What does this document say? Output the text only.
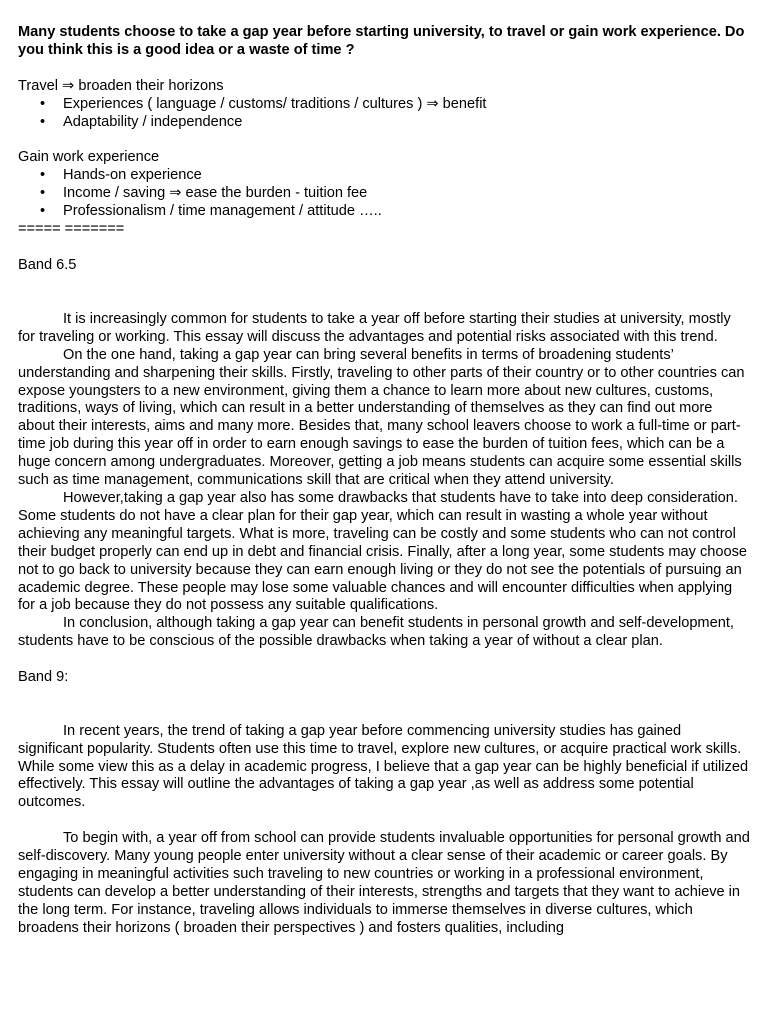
Many students choose to take a gap year before starting university, to travel or gain work experience. Do you think this is a good idea or a waste of time ?

Travel ⇒ broaden their horizons

• Experiences ( language / customs/ traditions / cultures ) ⇒ benefit
• Adaptability / independence

Gain work experience

• Hands-on experience
• Income / saving ⇒ ease the burden - tuition fee
• Professionalism / time management / attitude …..

===== =======

Band 6.5

It is increasingly common for students to take a year off before starting their studies at university, mostly for traveling or working. This essay will discuss the advantages and potential risks associated with this trend.

On the one hand, taking a gap year can bring several benefits in terms of broadening students’ understanding and sharpening their skills. Firstly, traveling to other parts of their country or to other countries can expose youngsters to a new environment, giving them a chance to learn more about new cultures, customs, traditions, ways of living, which can result in a better understanding of themselves as they can find out more about their interests, aims and many more. Besides that, many school leavers choose to work a full-time or part-time job during this year off in order to earn enough savings to ease the burden of tuition fees, which can be a huge concern among undergraduates. Moreover, getting a job means students can acquire some essential skills such as time management, communications skill that are critical when they attend university.

However,taking a gap year also has some drawbacks that students have to take into deep consideration. Some students do not have a clear plan for their gap year, which can result in wasting a whole year without achieving any meaningful targets. What is more, traveling can be costly and some students who can not control their budget properly can end up in debt and financial crisis. Finally, after a long year, some students may choose not to go back to university because they can earn enough living or they do not see the potentials of pursuing an academic degree. These people may lose some valuable chances and will encounter difficulties when applying for a job because they do not possess any suitable qualifications.

In conclusion, although taking a gap year can benefit students in personal growth and self-development, students have to be conscious of the possible drawbacks when taking a year of without a clear plan.

Band 9:

In recent years, the trend of taking a gap year before commencing university studies has gained significant popularity. Students often use this time to travel, explore new cultures, or acquire practical work skills. While some view this as a delay in academic progress, I believe that a gap year can be highly beneficial if utilized effectively. This essay will outline the advantages of taking a gap year ,as well as address some potential outcomes.

To begin with, a year off from school can provide students invaluable opportunities for personal growth and self-discovery. Many young people enter university without a clear sense of their academic or career goals. By engaging in meaningful activities such traveling to new countries or working in a professional environment, students can develop a better understanding of their interests, strengths and targets that they want to achieve in the long term. For instance, traveling allows individuals to immerse themselves in diverse cultures, which broadens their horizons ( broaden their perspectives ) and fosters qualities, including
